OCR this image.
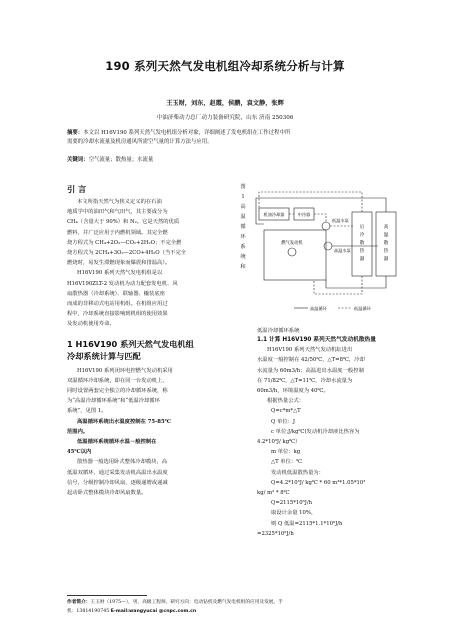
190 系列天然气发电机组冷却系统分析与计算
王玉财，刘东，赵霞，侯鹏，袁文静，张辉
中油济柴动力总厂动力装备研究院，山东 济南 250306
摘要：本文以 H16V190 系列天然气发电机组分析对象，详细阐述了发电机组在工作过程中所
需要的冷却水流量及机房通风所需空气量的计算方法与应用。
关键词：空气流量；散热量；水流量
引 言
本文所指天然气为狭义定义的在石油
地质学中的油田气和气田气，其主要成分为
CH₄（含量大于 90%）和 N₂。它是天然的优质
燃料，并广泛应用于内燃机领域。其完全燃
烧方程式为 CH₄+2O₂—CO₂+2H₂O；不完全燃
烧方程式为 2CH₄+3O₂—2CO+4H₂O（当不完全
燃烧时，易发生滞燃现象而爆震和排温高）。
H16V190 系列天然气发电机组是以
H16V190ZLT-2 发动机为动力配套发电机、风
扇散热器（冷却系统）、联轴器、橇装底座
而成的非移动式电站用机组。在机组应用过
程中，冷却系统直接影响到机组的使用效果
及发动机使用寿命。
1 H16V190 系列天然气发电机组
冷却系统计算与匹配
H16V190 系列闭环电控燃气发动机采用
双温循环冷却系统，即在同一台发动机上，
同时设置两套完全独立的冷却循环系统，称
为“高温冷却循环系统”和“低温冷却循环
系统”，见图 1。
高温循环系统出水温度控制在 75-85℃
范围内。
低温循环系统循环水温－般控制在
45℃以内
散热器一般选用卧式整体冷却模块，高
低温双循环，通过采集发动机高温出水温度
信号，分级控制冷却风扇，逐级递增或递减
起动卧式整体模块冷却风扇数量。
图
1
高
温
循
环
系
统
和
机油冷却器	中冷器
低温水泵
燃气发动机
高温水泵
后
冷
散
热
器
高
温
散
热
器
高温循环	低温循环
低温冷却循环系统
1.1 计算 H16V190 系列天然气发动机散热量
H16V190 系列天然气发动机缸进出
水温度一般控制在 42/50℃，△T=8℃，冷却
水流量为 60m3/h；高温进出水温度一般控制
在 71/82℃，△T=11℃，冷却水流量为
60m3/h，环境温度为 40℃。
根据热量公式：
Q=c*m*△T
Q 单位：J
c 单位:J/kg℃(发动机冷却液比热容为
4.2*10³J/ kg℃）
m 单位：kg
△T 单位：℃
发动机低温散热量为：
Q=4.2*10³J/ kg℃ * 60 m³*1.05*10³
kg/ m³ * 8℃
Q=2115*10⁶J/h
取设计余量 10%，
则 Q 低温=2115*1.1*10⁶J/h
=2325*10⁶J/h
作者简介：王玉财（1975—），男，高级工程师，研究方向：电动钻机及燃气发电机组的应用及发展。手
机：13814190745 E-mail:wangyucai @cnpc.com.cn
